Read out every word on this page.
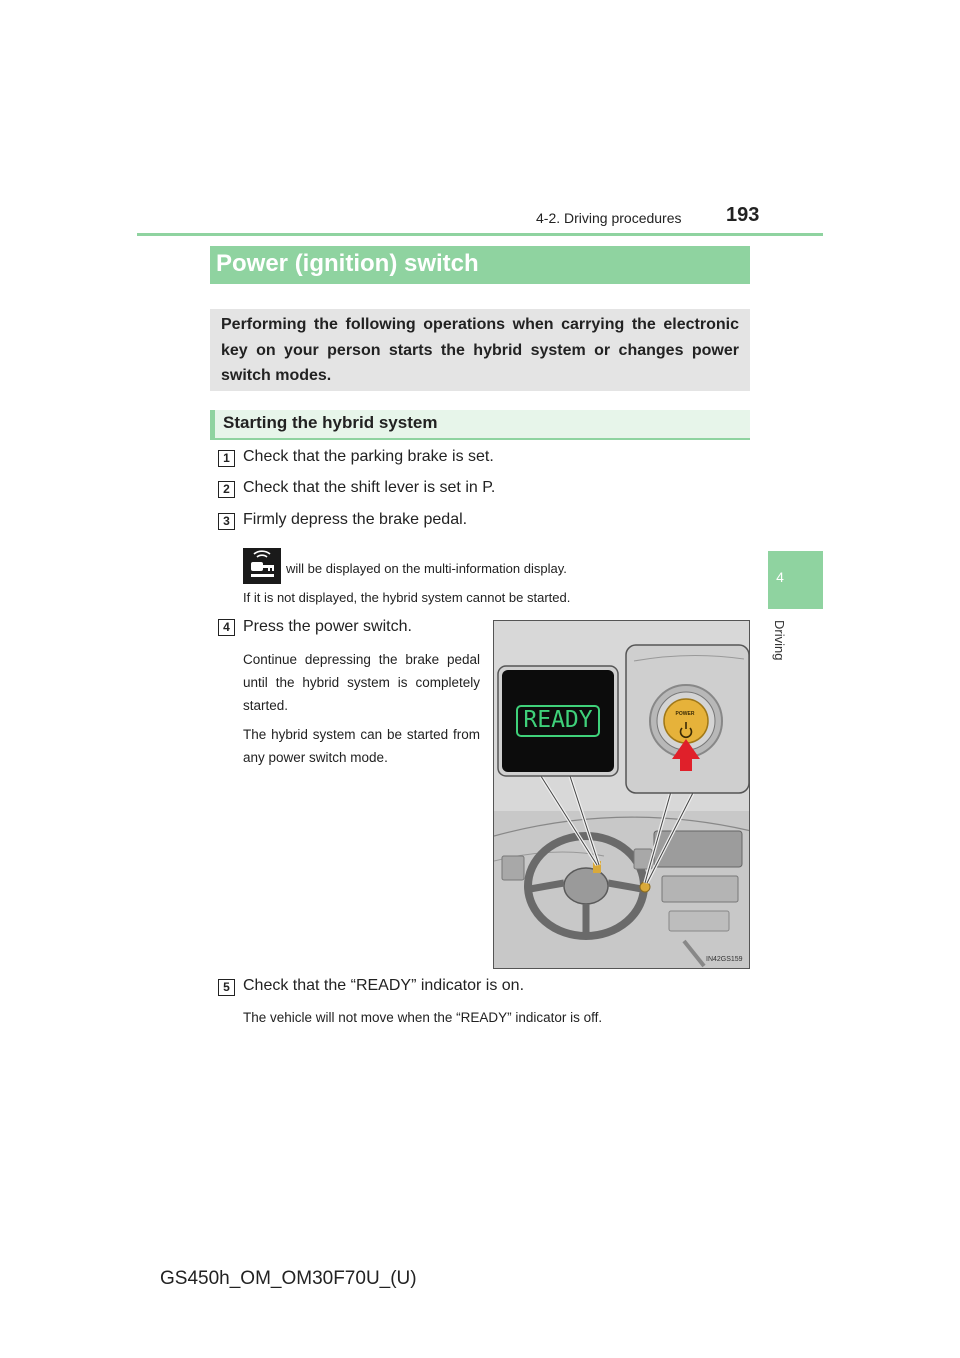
4-2. Driving procedures 193
4
Driving
Power (ignition) switch
Performing the following operations when carrying the electronic key on your person starts the hybrid system or changes power switch modes.
Starting the hybrid system
1 Check that the parking brake is set.
2 Check that the shift lever is set in P.
3 Firmly depress the brake pedal.
will be displayed on the multi-information display.
If it is not displayed, the hybrid system cannot be started.
4 Press the power switch.

Continue depressing the brake pedal until the hybrid system is completely started.

The hybrid system can be started from any power switch mode.

READY	POWER
IN42GS159
5 Check that the “READY” indicator is on.
The vehicle will not move when the “READY” indicator is off.
GS450h_OM_OM30F70U_(U)
